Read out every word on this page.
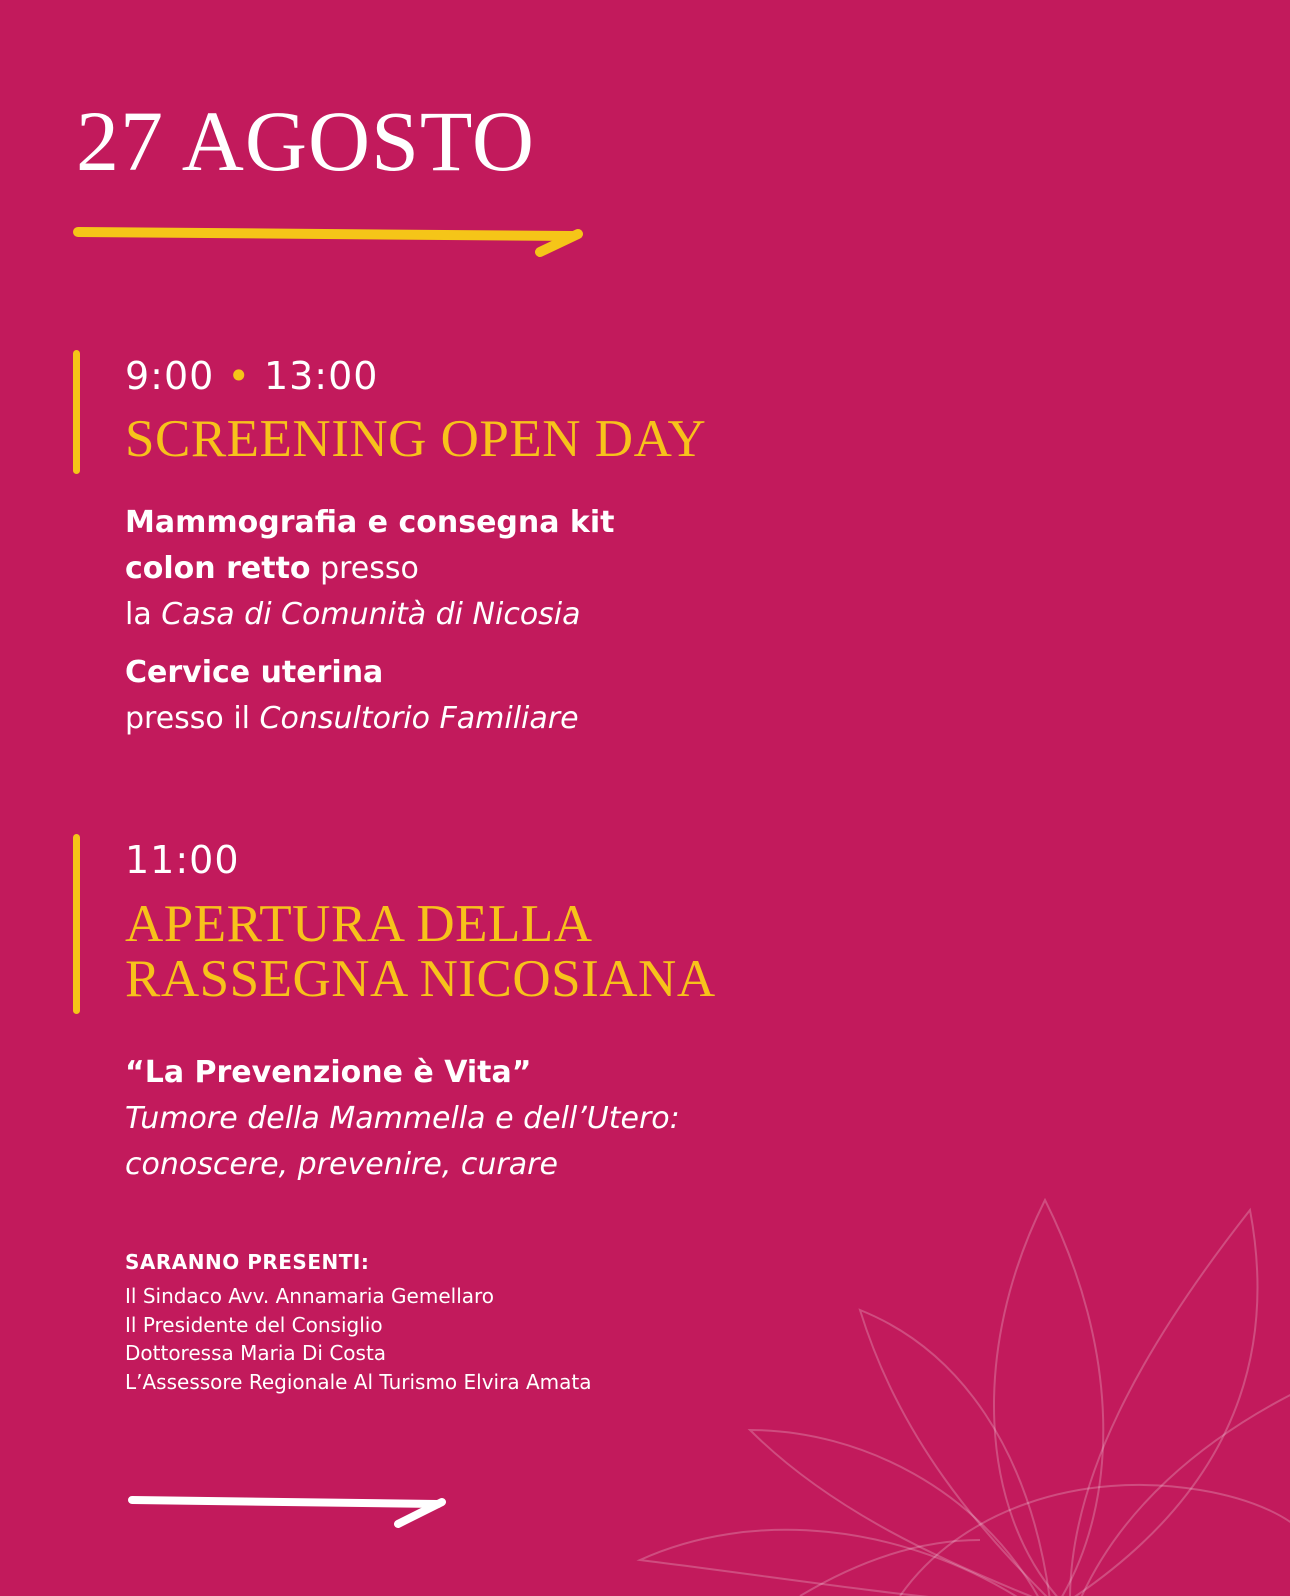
27 AGOSTO
9:00 • 13:00
SCREENING OPEN DAY
Mammografia e consegna kit
colon retto presso
la Casa di Comunità di Nicosia
Cervice uterina
presso il Consultorio Familiare
11:00
APERTURA DELLA
RASSEGNA NICOSIANA
“La Prevenzione è Vita”
Tumore della Mammella e dell’Utero:
conoscere, prevenire, curare
SARANNO PRESENTI:
Il Sindaco Avv. Annamaria Gemellaro
Il Presidente del Consiglio
Dottoressa Maria Di Costa
L’Assessore Regionale Al Turismo Elvira Amata
